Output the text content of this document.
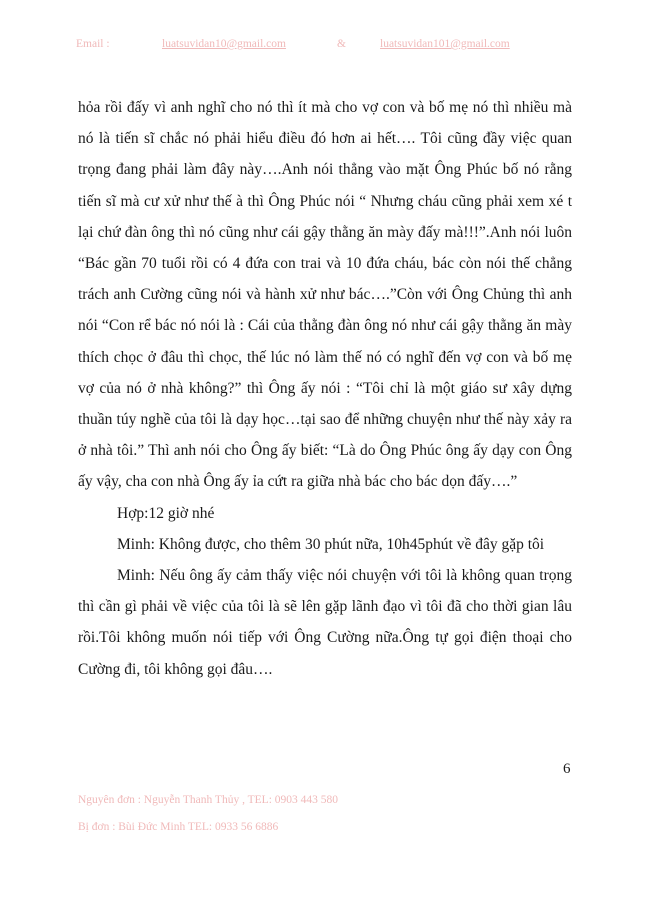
Email :	luatsuvidan10@gmail.com	&	luatsuvidan101@gmail.com

hỏa rồi đấy vì anh nghĩ cho nó thì ít mà cho vợ con và bố mẹ nó thì nhiều mà nó là tiến sĩ chắc nó phải hiểu điều đó hơn ai hết…. Tôi cũng đầy việc quan trọng đang phải làm đây này….Anh nói thẳng vào mặt Ông Phúc bố nó rằng tiến sĩ mà cư xử như thế à thì Ông Phúc nói “ Nhưng cháu cũng phải xem xé t lại chứ đàn ông thì nó cũng như cái gậy thằng ăn mày đấy mà!!!”.Anh nói luôn “Bác gần 70 tuổi rồi có 4 đứa con trai và 10 đứa cháu, bác còn nói thế chẳng trách anh Cường cũng nói và hành xử như bác….”Còn với Ông Chủng thì anh nói “Con rể bác nó nói là : Cái của thằng đàn ông nó như cái gậy thằng ăn mày thích chọc ở đâu thì chọc, thế lúc nó làm thế nó có nghĩ đến vợ con và bố mẹ vợ của nó ở nhà không?” thì Ông ấy nói : “Tôi chỉ là một giáo sư xây dựng thuần túy nghề của tôi là dạy học…tại sao để những chuyện như thế này xảy ra ở nhà tôi.” Thì anh nói cho Ông ấy biết: “Là do Ông Phúc ông ấy dạy con Ông ấy vậy, cha con nhà Ông ấy ỉa cứt ra giữa nhà bác cho bác dọn đấy….”

Hợp:12 giờ nhé

Minh: Không được, cho thêm 30 phút nữa, 10h45phút về đây gặp tôi

Minh: Nếu ông ấy cảm thấy việc nói chuyện với tôi là không quan trọng thì cần gì phải về việc của tôi là sẽ lên gặp lãnh đạo vì tôi đã cho thời gian lâu rồi.Tôi không muốn nói tiếp với Ông Cường nữa.Ông tự gọi điện thoại cho Cường đi, tôi không gọi đâu….

6
Nguyên đơn : Nguyễn Thanh Thủy , TEL: 0903 443 580
Bị đơn : Bùi Đức Minh TEL: 0933 56 6886
